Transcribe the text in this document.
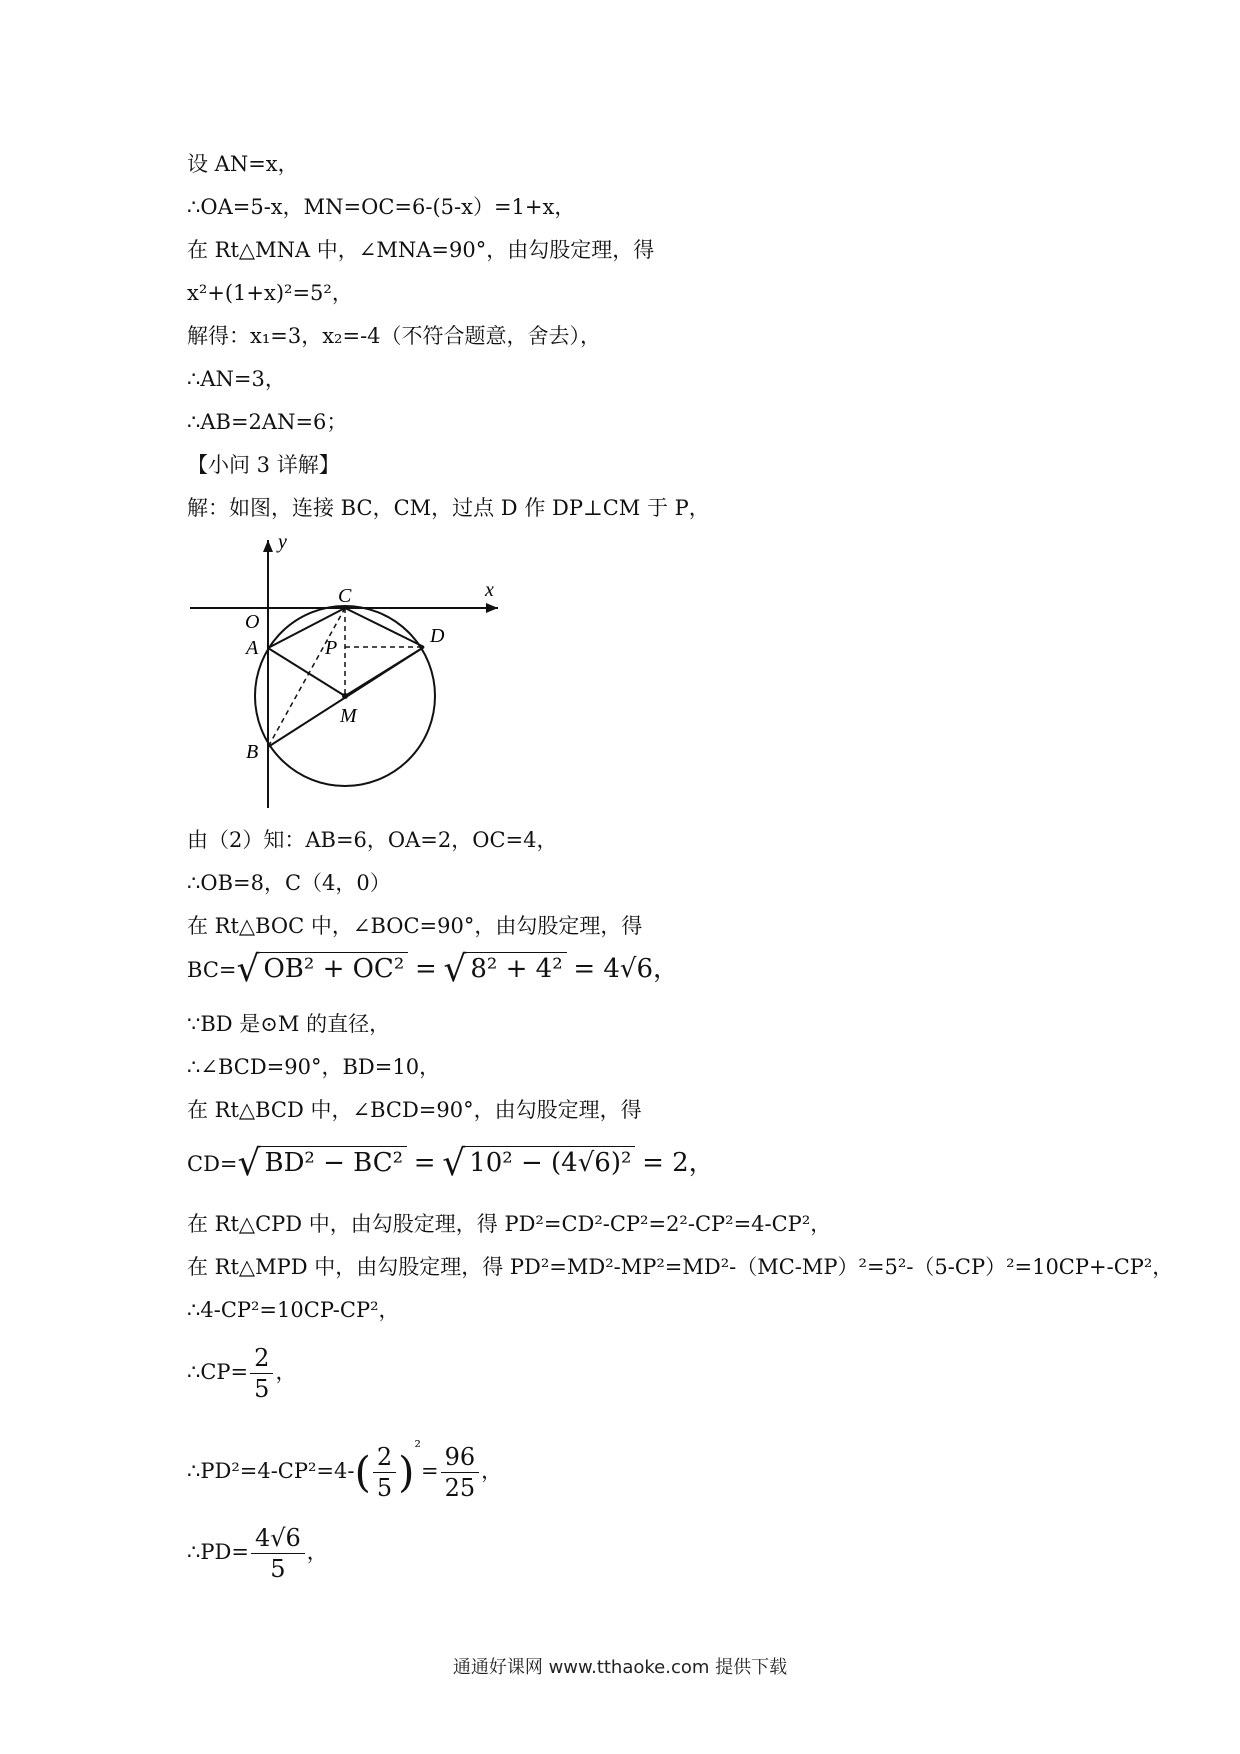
设 AN=x，
∴OA=5-x，MN=OC=6-(5-x）=1+x，
在 Rt△MNA 中，∠MNA=90°，由勾股定理，得
x²+(1+x)²=5²，
解得：x₁=3，x₂=-4（不符合题意，舍去），
∴AN=3，
∴AB=2AN=6；
【小问 3 详解】
解：如图，连接 BC，CM，过点 D 作 DP⊥CM 于 P，
y
x
O
C
D
A	P
M
B
由（2）知：AB=6，OA=2，OC=4，
∴OB=8，C（4，0）
在 Rt△BOC 中，∠BOC=90°，由勾股定理，得
BC=√ OB² + OC² = √ 8² + 4² = 4√6，
∵BD 是⊙M 的直径，
∴∠BCD=90°，BD=10，
在 Rt△BCD 中，∠BCD=90°，由勾股定理，得
CD=√ BD² − BC² = √ 10² − (4√6)² = 2，
在 Rt△CPD 中，由勾股定理，得 PD²=CD²-CP²=2²-CP²=4-CP²，
在 Rt△MPD 中，由勾股定理，得 PD²=MD²-MP²=MD²-（MC-MP）²=5²-（5-CP）²=10CP+-CP²，
∴4-CP²=10CP-CP²，
∴CP= $\frac{2}{5}$ ，
∴PD²=4-CP²=4-( $\frac{2}{5} )^{^2}= \frac{96}{25}$ ，
∴PD= $\frac{4√6}{5}$ ，
通通好课网 www.tthaoke.com 提供下载
